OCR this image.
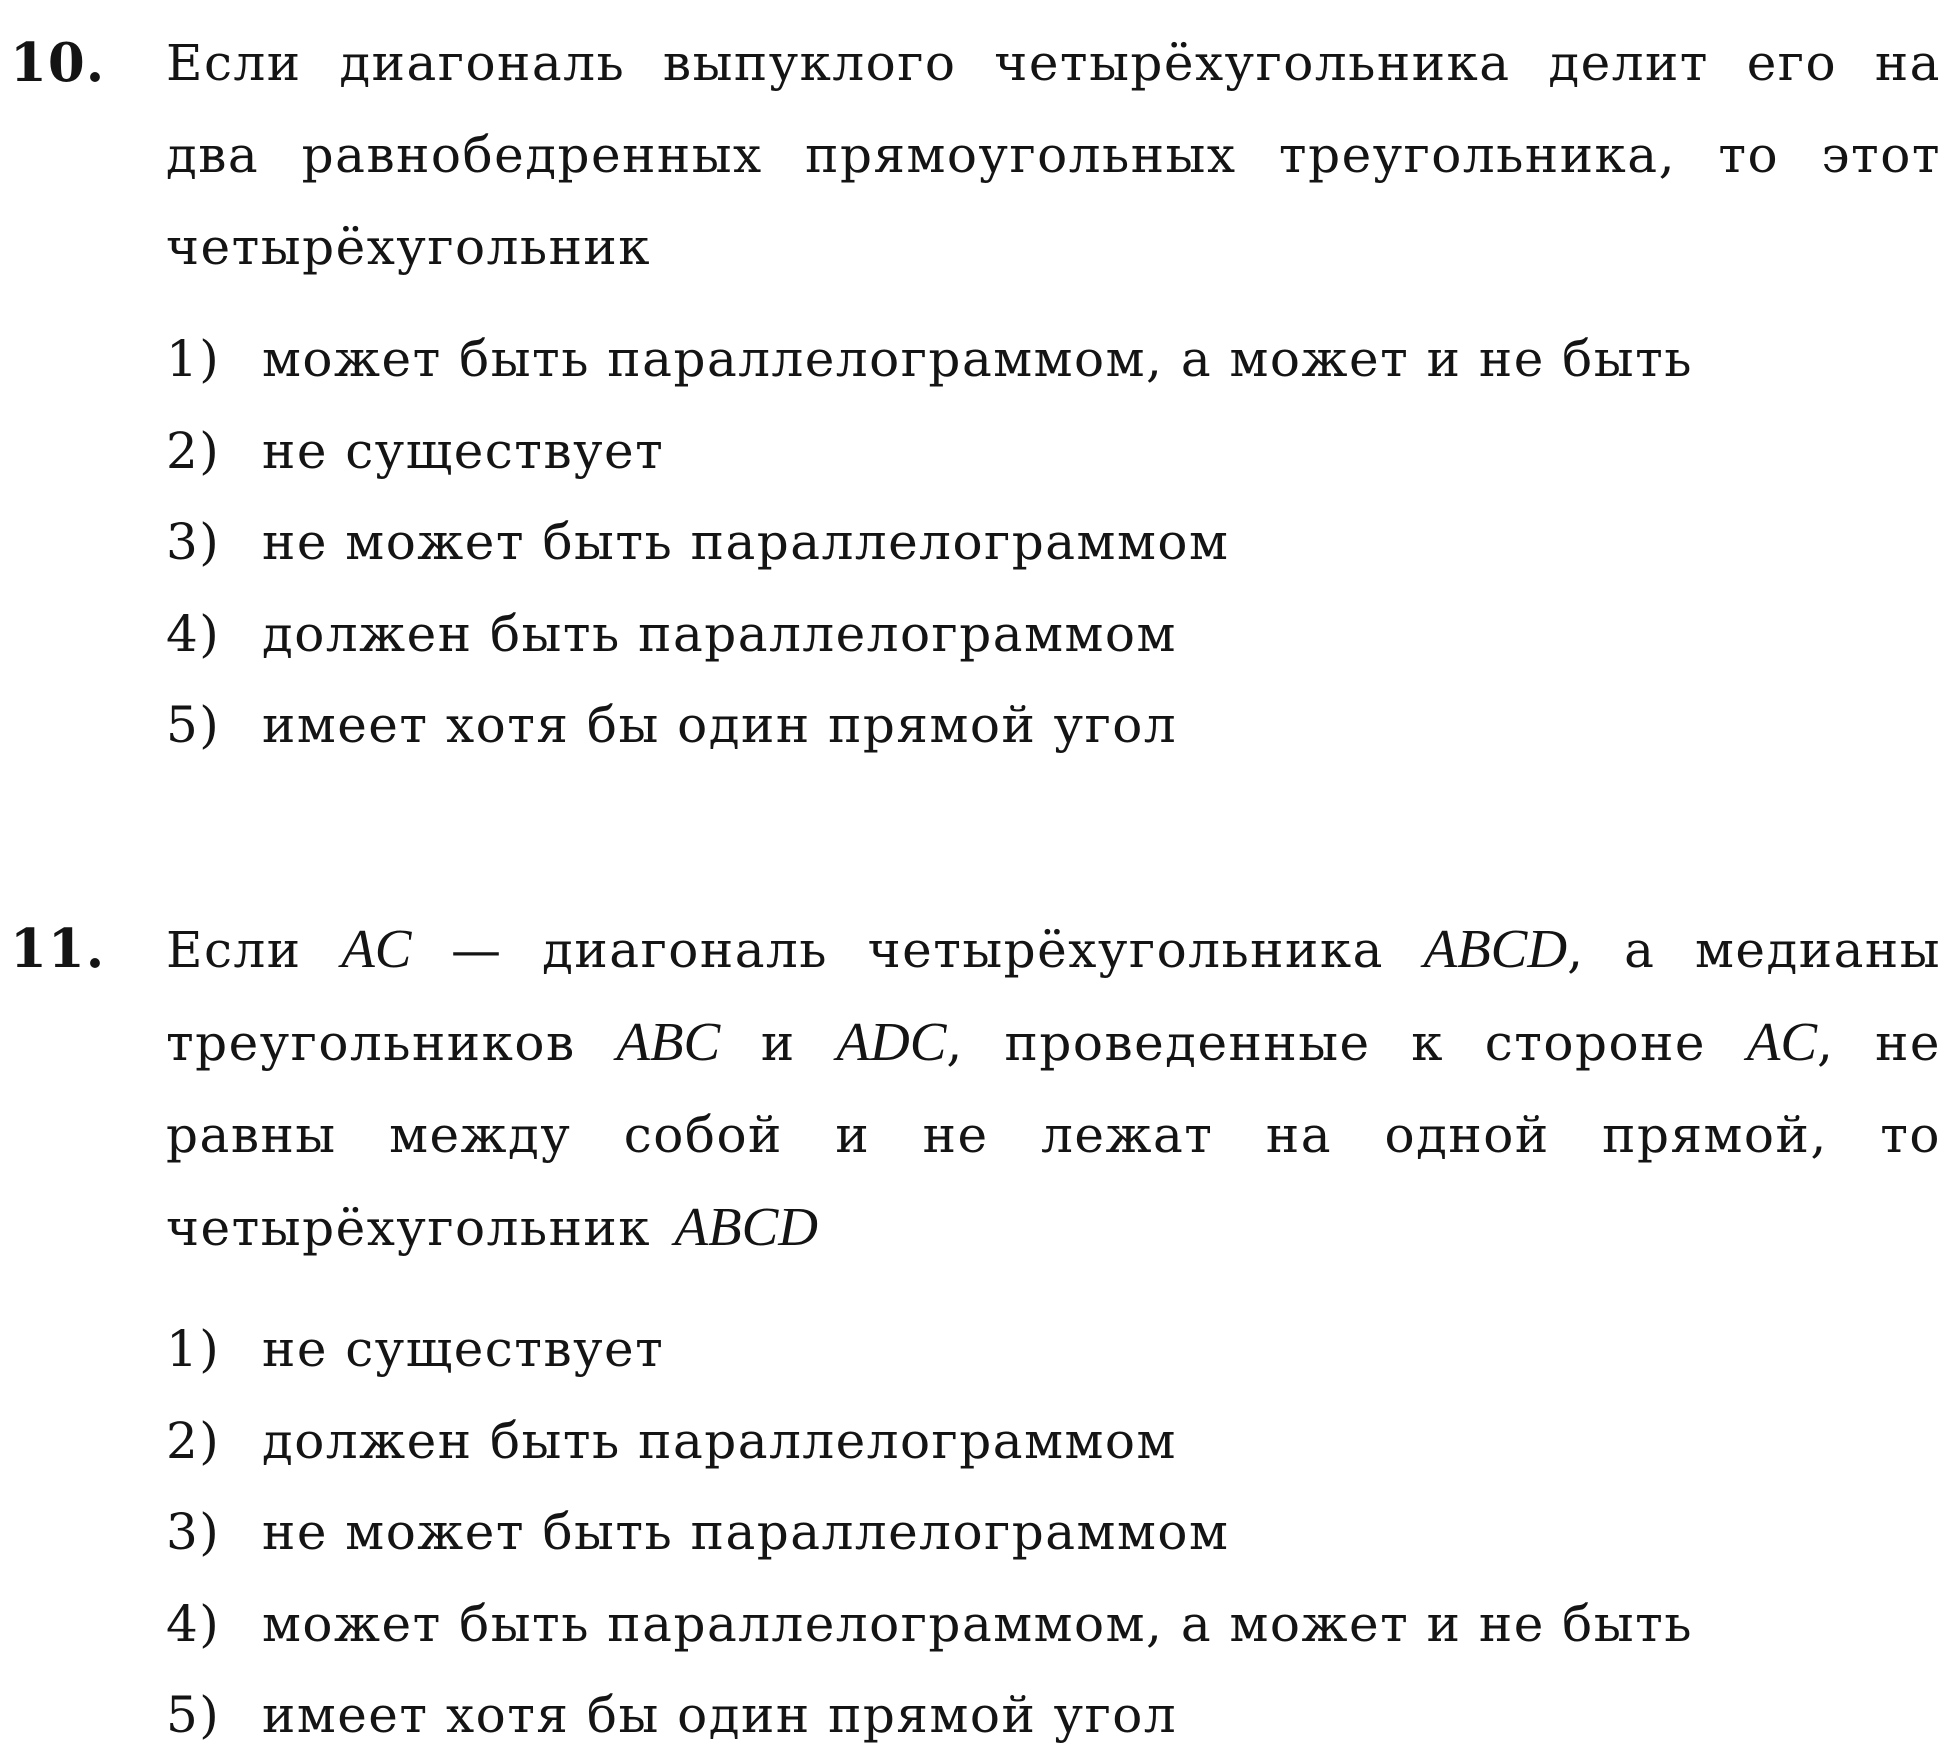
10. Если диагональ выпуклого четырёхугольника делит его на два равнобедренных прямоугольных треугольника, то этот четырёхугольник
1) может быть параллелограммом, а может и не быть
2) не существует
3) не может быть параллелограммом
4) должен быть параллелограммом
5) имеет хотя бы один прямой угол
11. Если AC — диагональ четырёхугольника ABCD, а медианы треугольников ABC и ADC, проведенные к стороне AC, не равны между собой и не лежат на одной прямой, то четырёхугольник ABCD
1) не существует
2) должен быть параллелограммом
3) не может быть параллелограммом
4) может быть параллелограммом, а может и не быть
5) имеет хотя бы один прямой угол
